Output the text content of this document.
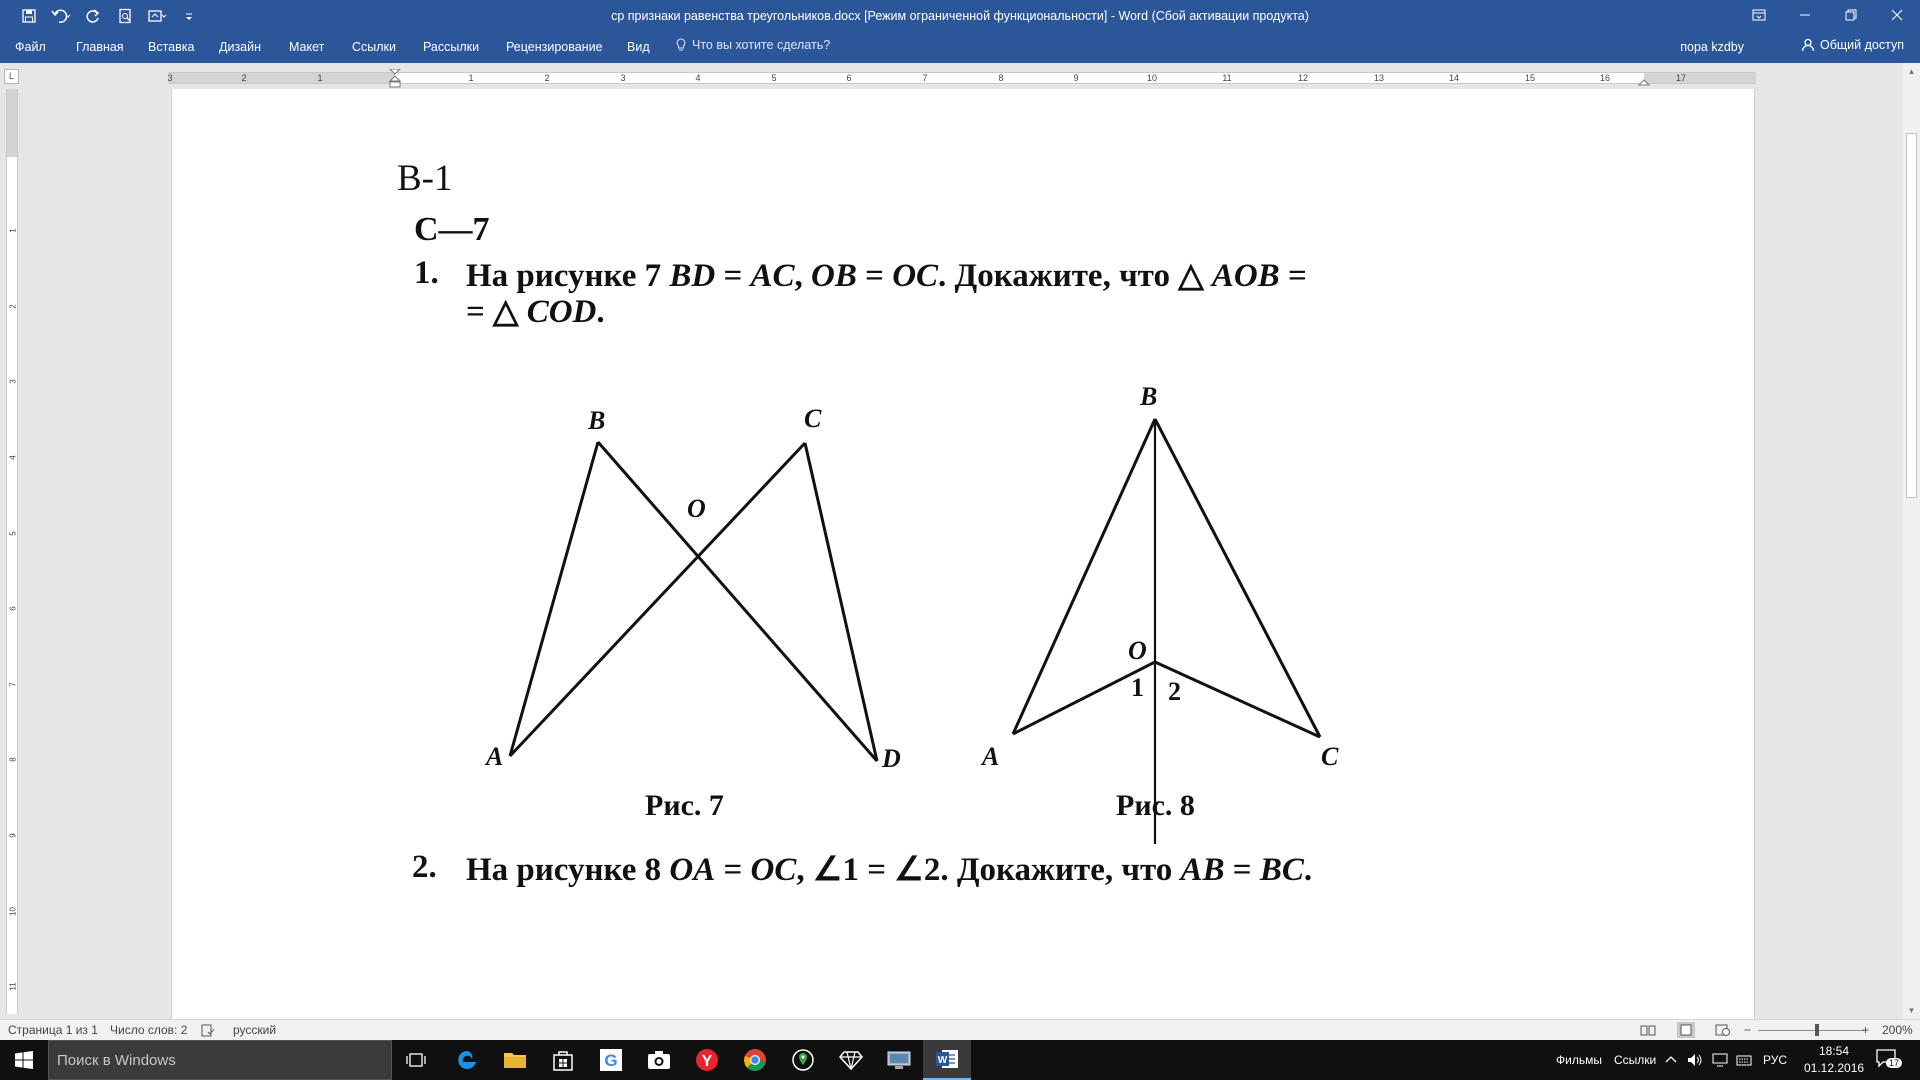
ср признаки равенства треугольников.docx [Режим ограниченной функциональности] - Word (Сбой активации продукта)
Файл Главная Вставка Дизайн Макет Ссылки Рассылки Рецензирование Вид	Что вы хотите сделать?	пора kzdby	Общий доступ
L	3	2	1	1	2	3	4	5	6	7	8	9	10	11	12	13	14	15	16	17
1
2
3
4
5
6
7
8
9
10
11
В-1
С—7
1. На рисунке 7 BD = AC, OB = OC. Докажите, что △ AOB =
= △ COD.
B	C
O
A	D
Рис. 7
B
O
1 2
A	C
Рис. 8
2. На рисунке 8 OA = OC, ∠1 = ∠2. Докажите, что AB = BC.
▲
▼
Страница 1 из 1 Число слов: 2	русский	−	+ 200%
Поиск в Windows	G	Y	W	Фильмы Ссылки	РУС
18:54
01.12.2016	17
